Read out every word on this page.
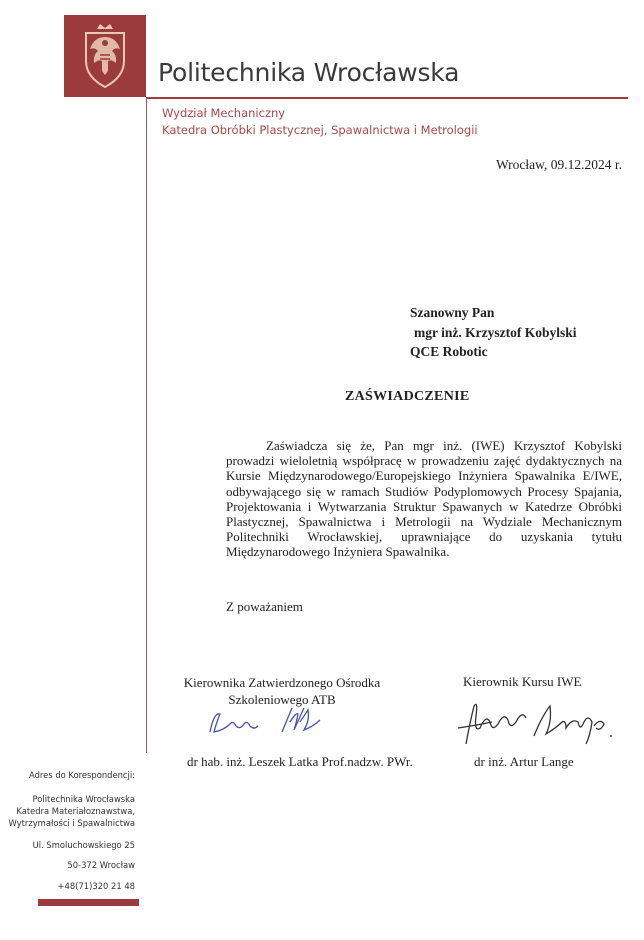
Politechnika Wrocławska
Wydział Mechaniczny
Katedra Obróbki Plastycznej, Spawalnictwa i Metrologii
Wrocław, 09.12.2024 r.
Szanowny Pan
mgr inż. Krzysztof Kobylski
QCE Robotic
ZAŚWIADCZENIE
Zaświadcza się że, Pan mgr inż. (IWE) Krzysztof Kobylski prowadzi wieloletnią współpracę w prowadzeniu zajęć dydaktycznych na Kursie Międzynarodowego/Europejskiego Inżyniera Spawalnika E/IWE, odbywającego się w ramach Studiów Podyplomowych Procesy Spajania, Projektowania i Wytwarzania Struktur Spawanych w Katedrze Obróbki Plastycznej, Spawalnictwa i Metrologii na Wydziale Mechanicznym Politechniki Wrocławskiej, uprawniające do uzyskania tytułu Międzynarodowego Inżyniera Spawalnika.
Z poważaniem
Kierownika Zatwierdzonego Ośrodka
Szkoleniowego ATB
Kierownik Kursu IWE
dr hab. inż. Leszek Latka Prof.nadzw. PWr.	dr inż. Artur Lange
Adres do Korespondencji:
Politechnika Wrocławska
Katedra Materiałoznawstwa,
Wytrzymałości i Spawalnictwa
Ul. Smoluchowskiego 25
50-372 Wrocław
+48(71)320 21 48
